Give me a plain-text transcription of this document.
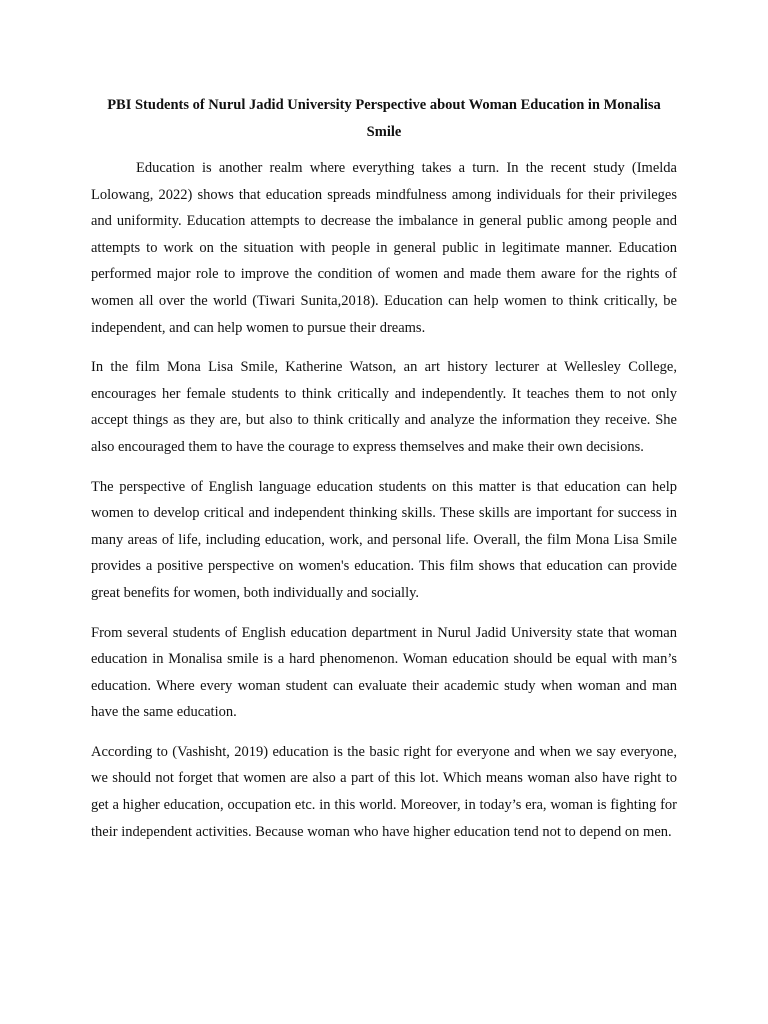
PBI Students of Nurul Jadid University Perspective about Woman Education in Monalisa Smile

Education is another realm where everything takes a turn. In the recent study (Imelda Lolowang, 2022) shows that education spreads mindfulness among individuals for their privileges and uniformity. Education attempts to decrease the imbalance in general public among people and attempts to work on the situation with people in general public in legitimate manner. Education performed major role to improve the condition of women and made them aware for the rights of women all over the world (Tiwari Sunita,2018). Education can help women to think critically, be independent, and can help women to pursue their dreams.

In the film Mona Lisa Smile, Katherine Watson, an art history lecturer at Wellesley College, encourages her female students to think critically and independently. It teaches them to not only accept things as they are, but also to think critically and analyze the information they receive. She also encouraged them to have the courage to express themselves and make their own decisions.

The perspective of English language education students on this matter is that education can help women to develop critical and independent thinking skills. These skills are important for success in many areas of life, including education, work, and personal life. Overall, the film Mona Lisa Smile provides a positive perspective on women's education. This film shows that education can provide great benefits for women, both individually and socially.

From several students of English education department in Nurul Jadid University state that woman education in Monalisa smile is a hard phenomenon. Woman education should be equal with man’s education. Where every woman student can evaluate their academic study when woman and man have the same education.

According to (Vashisht, 2019) education is the basic right for everyone and when we say everyone, we should not forget that women are also a part of this lot. Which means woman also have right to get a higher education, occupation etc. in this world. Moreover, in today’s era, woman is fighting for their independent activities. Because woman who have higher education tend not to depend on men.
